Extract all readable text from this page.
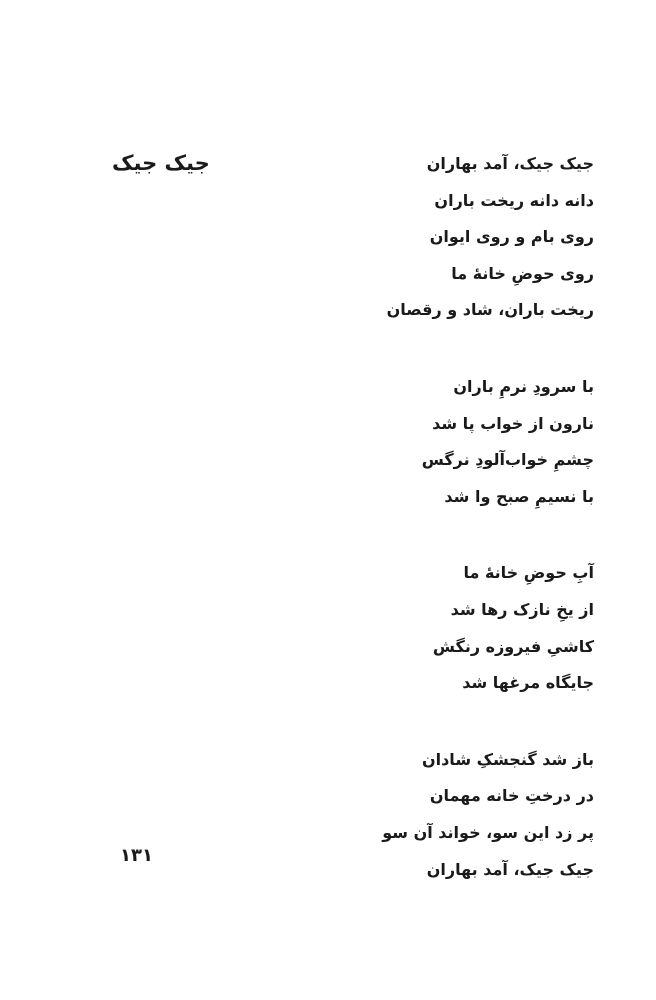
جیک جیک	جیک جیک، آمد بهاران
دانه دانه ریخت باران
روی بام و روی ایوان
روی حوضِ خانهٔ ما
ریخت باران، شاد و رقصان
با سرودِ نرمِ باران
نارون از خواب پا شد
چشمِ خواب‌آلودِ نرگس
با نسیمِ صبح وا شد
آبِ حوضِ خانهٔ ما
از یخِ نازک رها شد
کاشیِ فیروزه رنگش
جایگاه مرغها شد
باز شد گنجشکِ شادان
در درختِ خانه مهمان
پر زد این سو، خواند آن سو
جیک جیک، آمد بهاران
۱۳۱
